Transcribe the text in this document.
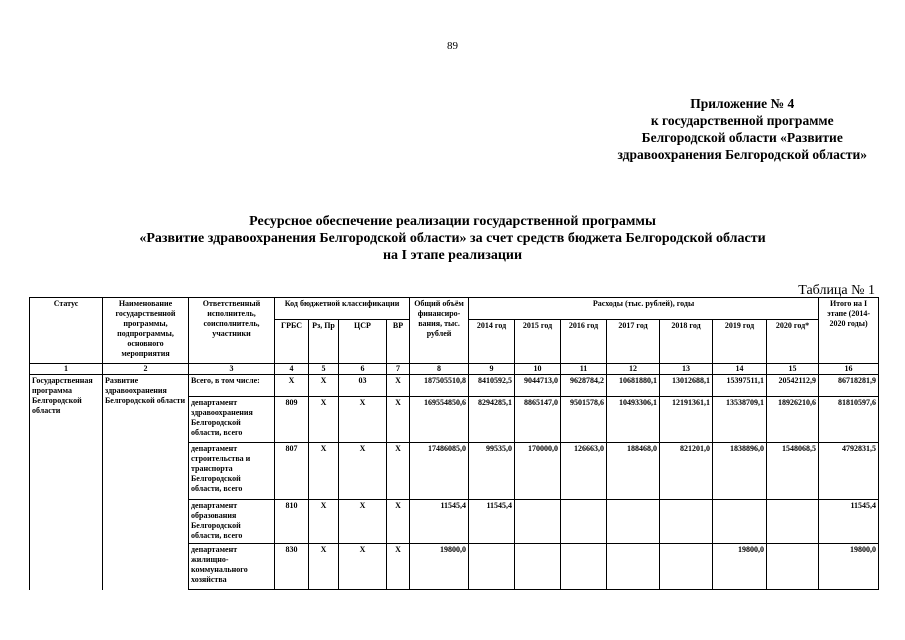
89
Приложение № 4
к государственной программе
Белгородской области «Развитие
здравоохранения Белгородской области»
Ресурсное обеспечение реализации государственной программы
«Развитие здравоохранения Белгородской области» за счет средств бюджета Белгородской области
на I этапе реализации
Таблица № 1
Статус	Наименование государственной программы, подпрограммы, основного мероприятия	Ответственный исполнитель, соисполнитель, участники	Код бюджетной классификации				Общий объём финансиро-вания, тыс. рублей	Расходы (тыс. рублей), годы							Итого на I этапе (2014-2020 годы)
			ГРБС	Рз, Пр	ЦСР	ВР		2014 год	2015 год	2016 год	2017 год	2018 год	2019 год	2020 год*	
1	2	3	4	5	6	7	8	9	10	11	12	13	14	15	16
Государственная программа Белгородской области	Развитие здравоохранения Белгородской области	Всего, в том числе:	X	X	03	X	187505510,8	8410592,5	9044713,0	9628784,2	10681880,1	13012688,1	15397511,1	20542112,9	86718281,9
		департамент здравоохранения Белгородской области, всего	809	X	X	X	169554850,6	8294285,1	8865147,0	9501578,6	10493306,1	12191361,1	13538709,1	18926210,6	81810597,6
		департамент строительства и транспорта Белгородской области, всего	807	X	X	X	17486085,0	99535,0	170000,0	126663,0	188468,0	821201,0	1838896,0	1548068,5	4792831,5
		департамент образования Белгородской области, всего	810	X	X	X	11545,4	11545,4							11545,4
		департамент жилищно-коммунального хозяйства	830	X	X	X	19800,0						19800,0		19800,0
